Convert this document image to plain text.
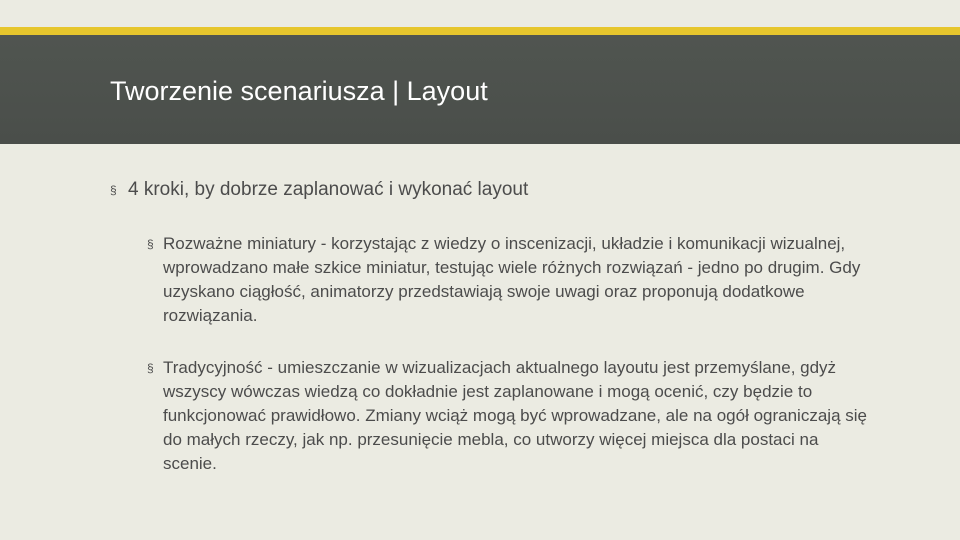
Tworzenie scenariusza | Layout
§ 4 kroki, by dobrze zaplanować i wykonać layout
§ Rozważne miniatury - korzystając z wiedzy o inscenizacji, układzie i komunikacji wizualnej, wprowadzano małe szkice miniatur, testując wiele różnych rozwiązań - jedno po drugim. Gdy uzyskano ciągłość, animatorzy przedstawiają swoje uwagi oraz proponują dodatkowe rozwiązania.
§ Tradycyjność - umieszczanie w wizualizacjach aktualnego layoutu jest przemyślane, gdyż wszyscy wówczas wiedzą co dokładnie jest zaplanowane i mogą ocenić, czy będzie to funkcjonować prawidłowo. Zmiany wciąż mogą być wprowadzane, ale na ogół ograniczają się do małych rzeczy, jak np. przesunięcie mebla, co utworzy więcej miejsca dla postaci na scenie.
